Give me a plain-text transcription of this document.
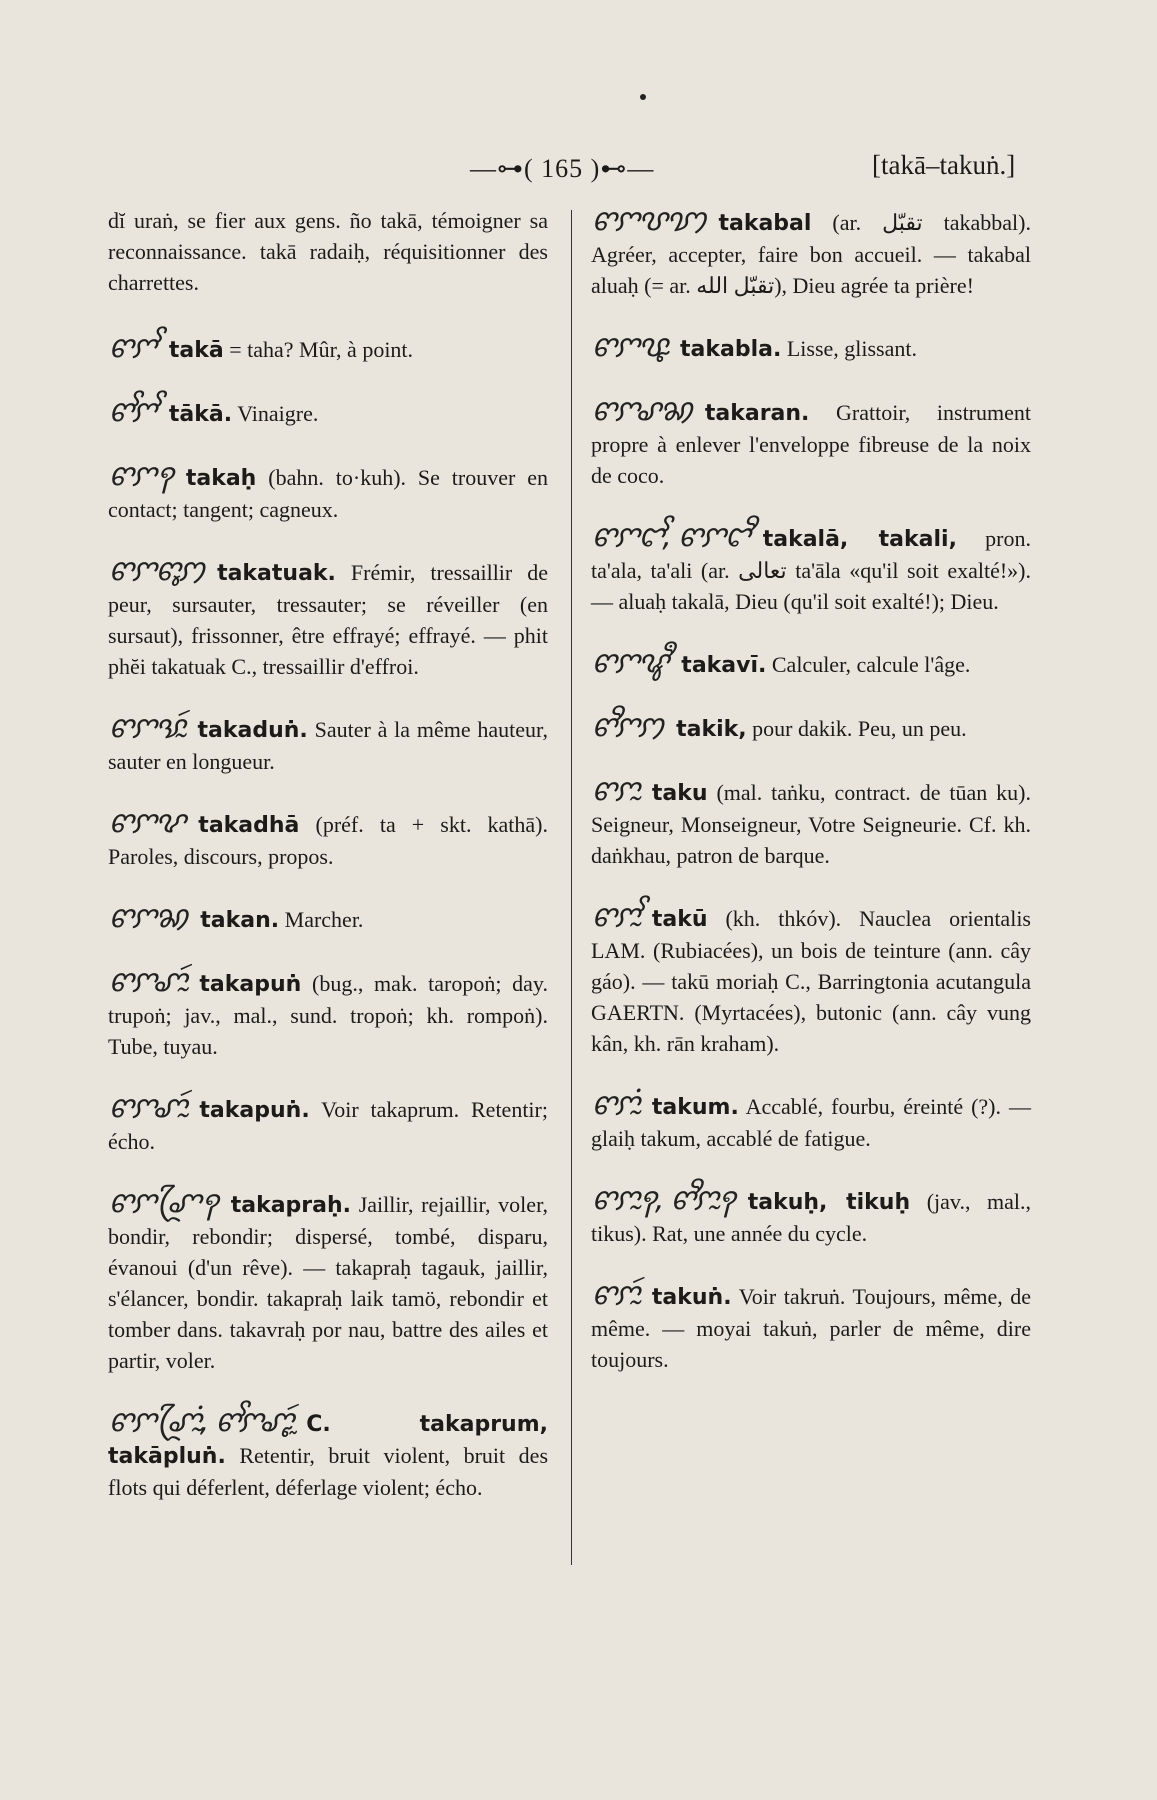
—⊶( 165 )⊷—	[takā–takuṅ.]
dĭ uraṅ, se fier aux gens. ño takā, témoigner sa reconnaissance. takā radaiḥ, réquisitionner des charrettes.
ꨓꨆꨩ takā = taha? Mûr, à point.
ꨓꨩꨆꨩ tākā. Vinaigre.
ꨓꨆꩍ takaḥ (bahn. to·kuh). Se trouver en contact; tangent; cagneux.
ꨓꨆꨓꨶꩀ takatuak. Frémir, tressaillir de peur, sursauter, tressauter; se réveiller (en sursaut), frissonner, être effrayé; effrayé. — phit phĕi takatuak C., tressaillir d'effroi.
ꨓꨆꨕꨭꩃ takaduṅ. Sauter à la même hauteur, sauter en longueur.
ꨓꨆꨖ takadhā (préf. ta + skt. kathā). Paroles, discours, propos.
ꨓꨆꩆ takan. Marcher.
ꨓꨆꨚꨭꩃ takapuṅ (bug., mak. taropoṅ; day. trupoṅ; jav., mal., sund. tropoṅ; kh. rompoṅ). Tube, tuyau.
ꨓꨆꨚꨭꩃ takapuṅ. Voir takaprum. Retentir; écho.
ꨓꨆꨚꨴꩍ takapraḥ. Jaillir, rejaillir, voler, bondir, rebondir; dispersé, tombé, disparu, évanoui (d'un rêve). — takapraḥ tagauk, jaillir, s'élancer, bondir. takapraḥ laik tamö, rebondir et tomber dans. takavraḥ por nau, battre des ailes et partir, voler.
ꨓꨆꨚꨴꨭꩌ, ꨓꨩꨆꨚꨵꨭꩃ C. takaprum, takāpluṅ. Retentir, bruit violent, bruit des flots qui déferlent, déferlage violent; écho.
ꨓꨆꨝꩈ takabal (ar. تقبّل takabbal). Agréer, accepter, faire bon accueil. — takabal aluaḥ (= ar. تقبّل الله), Dieu agrée ta prière!
ꨓꨆꨝꨵ takabla. Lisse, glissant.
ꨓꨆꨣꩆ takaran. Grattoir, instrument propre à enlever l'enveloppe fibreuse de la noix de coco.
ꨓꨆꨤꨩ, ꨓꨆꨤꨪ takalā, takali, pron. ta'ala, ta'ali (ar. تعالى ta'āla «qu'il soit exalté!»). — aluaḥ takalā, Dieu (qu'il soit exalté!); Dieu.
ꨓꨆꨥꨫ takavī. Calculer, calcule l'âge.
ꨓꨪꨆꩀ takik, pour dakik. Peu, un peu.
ꨓꨆꨭ taku (mal. taṅku, contract. de tūan ku). Seigneur, Monseigneur, Votre Seigneurie. Cf. kh. daṅkhau, patron de barque.
ꨓꨆꨭꨩ takū (kh. thkóv). Nauclea orientalis LAM. (Rubiacées), un bois de teinture (ann. cây gáo). — takū moriaḥ C., Barringtonia acutangula GAERTN. (Myrtacées), butonic (ann. cây vung kân, kh. rān kraham).
ꨓꨆꨭꩌ takum. Accablé, fourbu, éreinté (?). — glaiḥ takum, accablé de fatigue.
ꨓꨆꨭꩍ, ꨓꨪꨆꨭꩍ takuḥ, tikuḥ (jav., mal., tikus). Rat, une année du cycle.
ꨓꨆꨭꩃ takuṅ. Voir takruṅ. Toujours, même, de même. — moyai takuṅ, parler de même, dire toujours.
